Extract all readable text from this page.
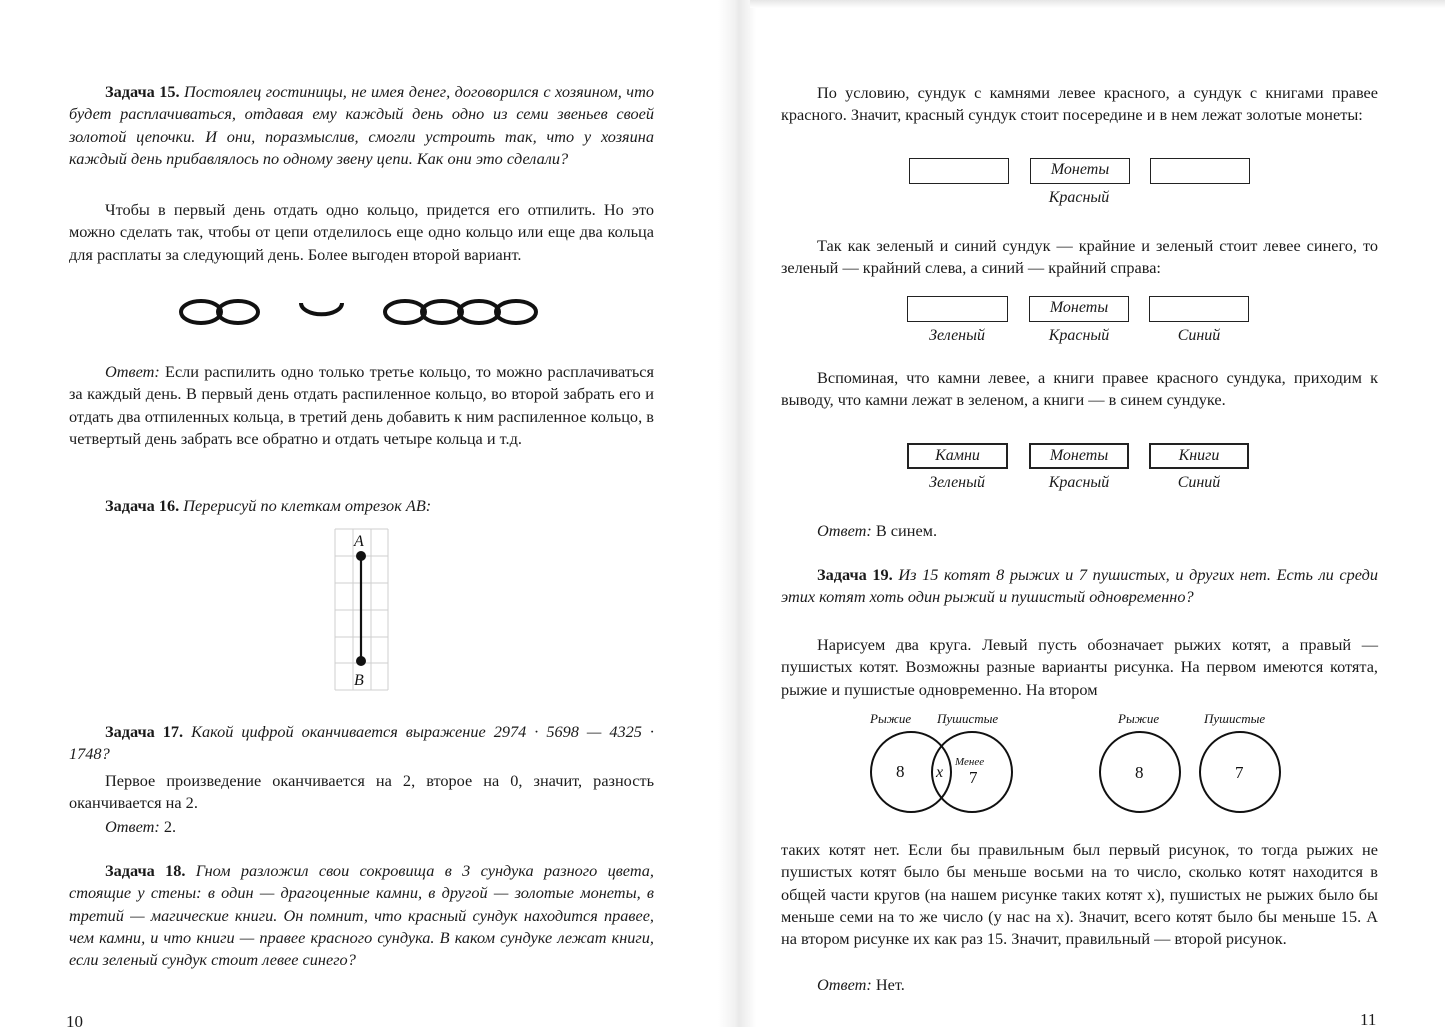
Задача 15. Постоялец гостиницы, не имея денег, договорился с хозяином, что будет расплачиваться, отдавая ему каждый день одно из семи звеньев своей золотой цепочки. И они, поразмыслив, смогли устроить так, что у хозяина каждый день прибавлялось по одному звену цепи. Как они это сделали?

Чтобы в первый день отдать одно кольцо, придется его отпилить. Но это можно сделать так, чтобы от цепи отделилось еще одно кольцо или еще два кольца для расплаты за следующий день. Более выгоден второй вариант.

Ответ: Если распилить одно только третье кольцо, то можно расплачиваться за каждый день. В первый день отдать распиленное кольцо, во второй забрать его и отдать два отпиленных кольца, в третий день добавить к ним распиленное кольцо, в четвертый день забрать все обратно и отдать четыре кольца и т.д.

Задача 16. Перерисуй по клеткам отрезок AB:

A
B

Задача 17. Какой цифрой оканчивается выражение 2974 · 5698 — 4325 · 1748?

Первое произведение оканчивается на 2, второе на 0, значит, разность оканчивается на 2.

Ответ: 2.

Задача 18. Гном разложил свои сокровища в 3 сундука разного цвета, стоящие у стены: в один — драгоценные камни, в другой — золотые монеты, в третий — магические книги. Он помнит, что красный сундук находится правее, чем камни, и что книги — правее красного сундука. В каком сундуке лежат книги, если зеленый сундук стоит левее синего?

10

По условию, сундук с камнями левее красного, а сундук с книгами правее красного. Значит, красный сундук стоит посередине и в нем лежат золотые монеты:

Монеты
Красный

Так как зеленый и синий сундук — крайние и зеленый стоит левее синего, то зеленый — крайний слева, а синий — крайний справа:

Монеты
Зеленый	Красный	Синий

Вспоминая, что камни левее, а книги правее красного сундука, приходим к выводу, что камни лежат в зеленом, а книги — в синем сундуке.

Камни	Монеты	Книги
Зеленый	Красный	Синий

Ответ: В синем.

Задача 19. Из 15 котят 8 рыжих и 7 пушистых, и других нет. Есть ли среди этих котят хоть один рыжий и пушистый одновременно?

Нарисуем два круга. Левый пусть обозначает рыжих котят, а правый — пушистых котят. Возможны разные варианты рисунка. На первом имеются котята, рыжие и пушистые одновременно. На втором

Рыжие Пушистые
8 x
Менее
7
Рыжие	Пушистые
8	7

таких котят нет. Если бы правильным был первый рисунок, то тогда рыжих не пушистых котят было бы меньше восьми на то число, сколько котят находится в общей части кругов (на нашем рисунке таких котят x), пушистых не рыжих было бы меньше семи на то же число (у нас на x). Значит, всего котят было бы меньше 15. А на втором рисунке их как раз 15. Значит, правильный — второй рисунок.

Ответ: Нет.

11
